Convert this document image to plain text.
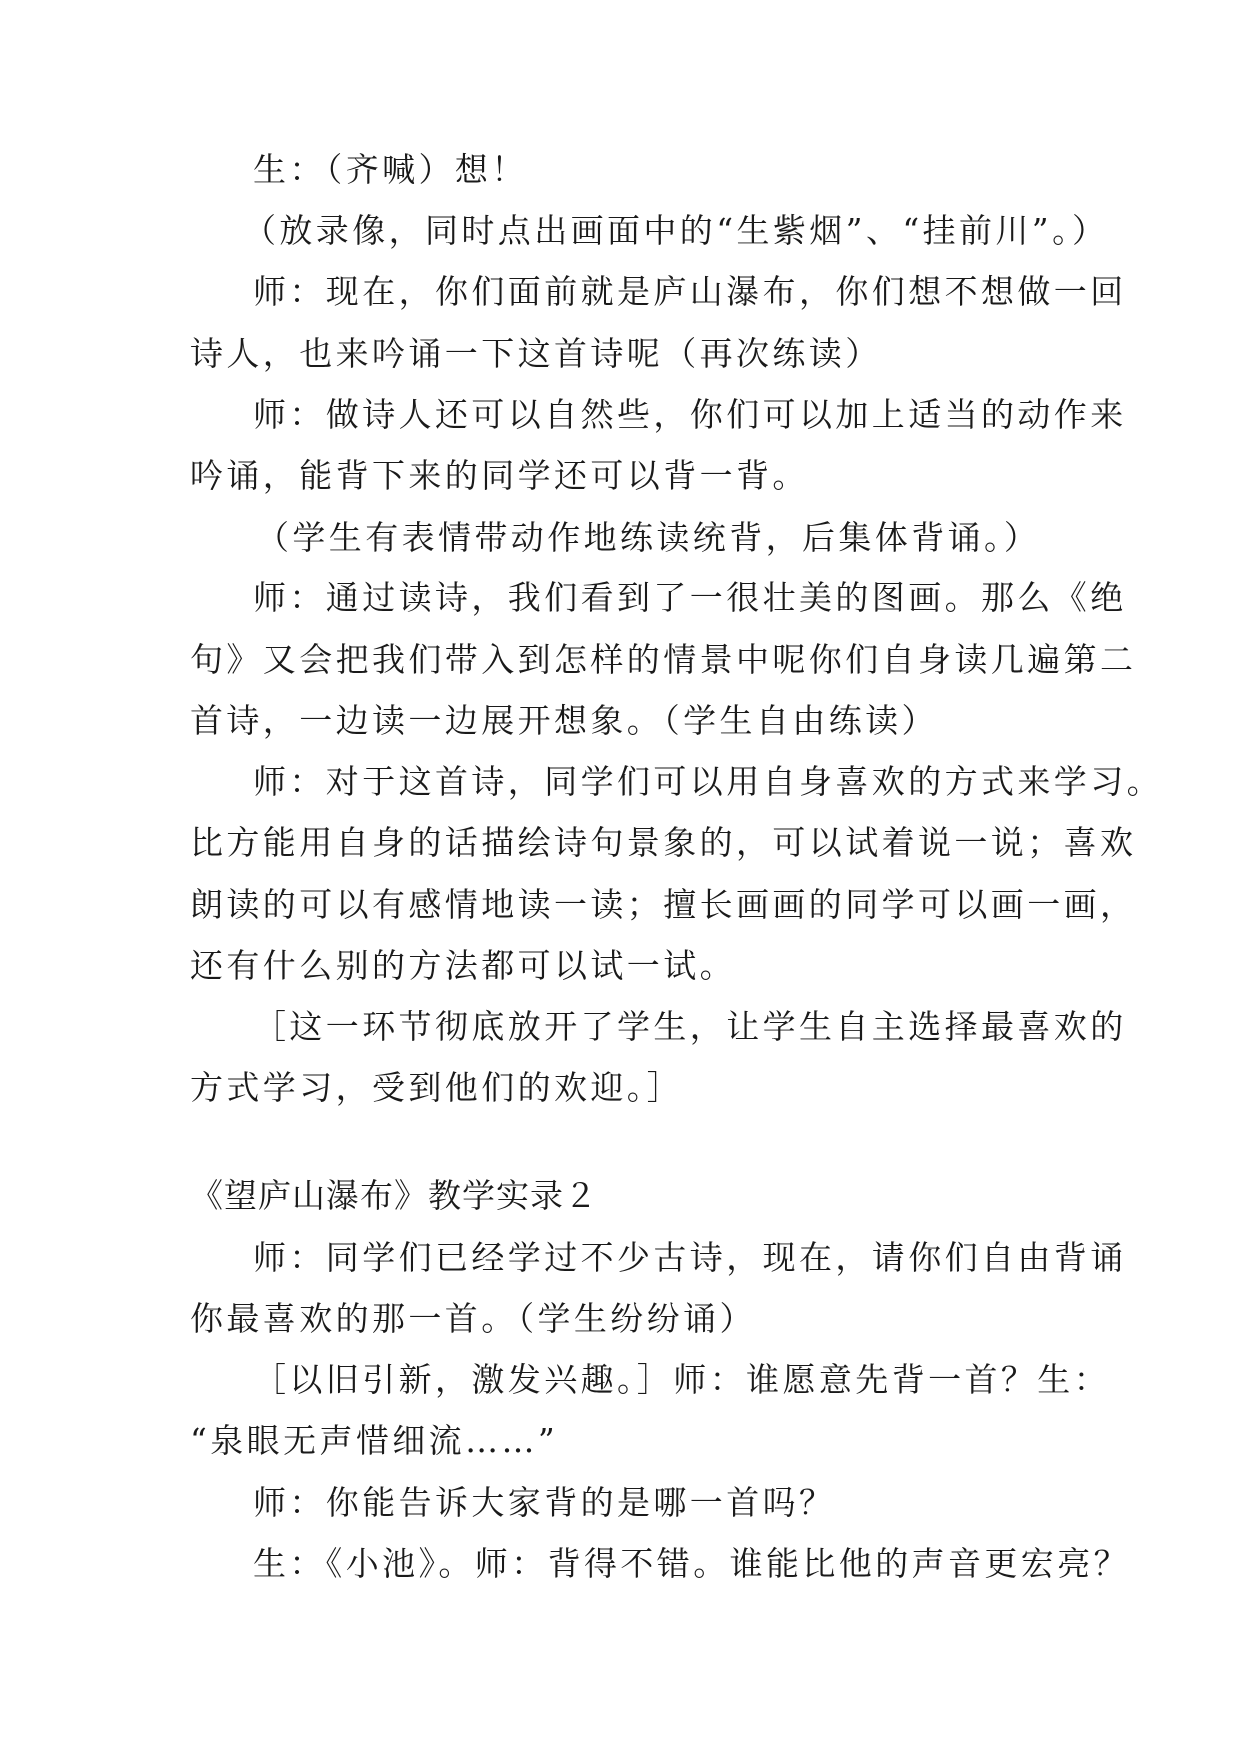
生：（齐喊）想！
（放录像，同时点出画面中的“生紫烟”、“挂前川”。）
师：现在，你们面前就是庐山瀑布，你们想不想做一回
诗人，也来吟诵一下这首诗呢（再次练读）
师：做诗人还可以自然些，你们可以加上适当的动作来
吟诵，能背下来的同学还可以背一背。
（学生有表情带动作地练读统背，后集体背诵。）
师：通过读诗，我们看到了一很壮美的图画。那么《绝
句》又会把我们带入到怎样的情景中呢你们自身读几遍第二
首诗，一边读一边展开想象。（学生自由练读）
师：对于这首诗，同学们可以用自身喜欢的方式来学习。
比方能用自身的话描绘诗句景象的，可以试着说一说；喜欢
朗读的可以有感情地读一读；擅长画画的同学可以画一画，
还有什么别的方法都可以试一试。
［这一环节彻底放开了学生，让学生自主选择最喜欢的
方式学习，受到他们的欢迎。］
《望庐山瀑布》教学实录２
师：同学们已经学过不少古诗，现在，请你们自由背诵
你最喜欢的那一首。（学生纷纷诵）
［以旧引新，激发兴趣。］师：谁愿意先背一首？生：
“泉眼无声惜细流……”
师：你能告诉大家背的是哪一首吗？
生：《小池》。师：背得不错。谁能比他的声音更宏亮？
